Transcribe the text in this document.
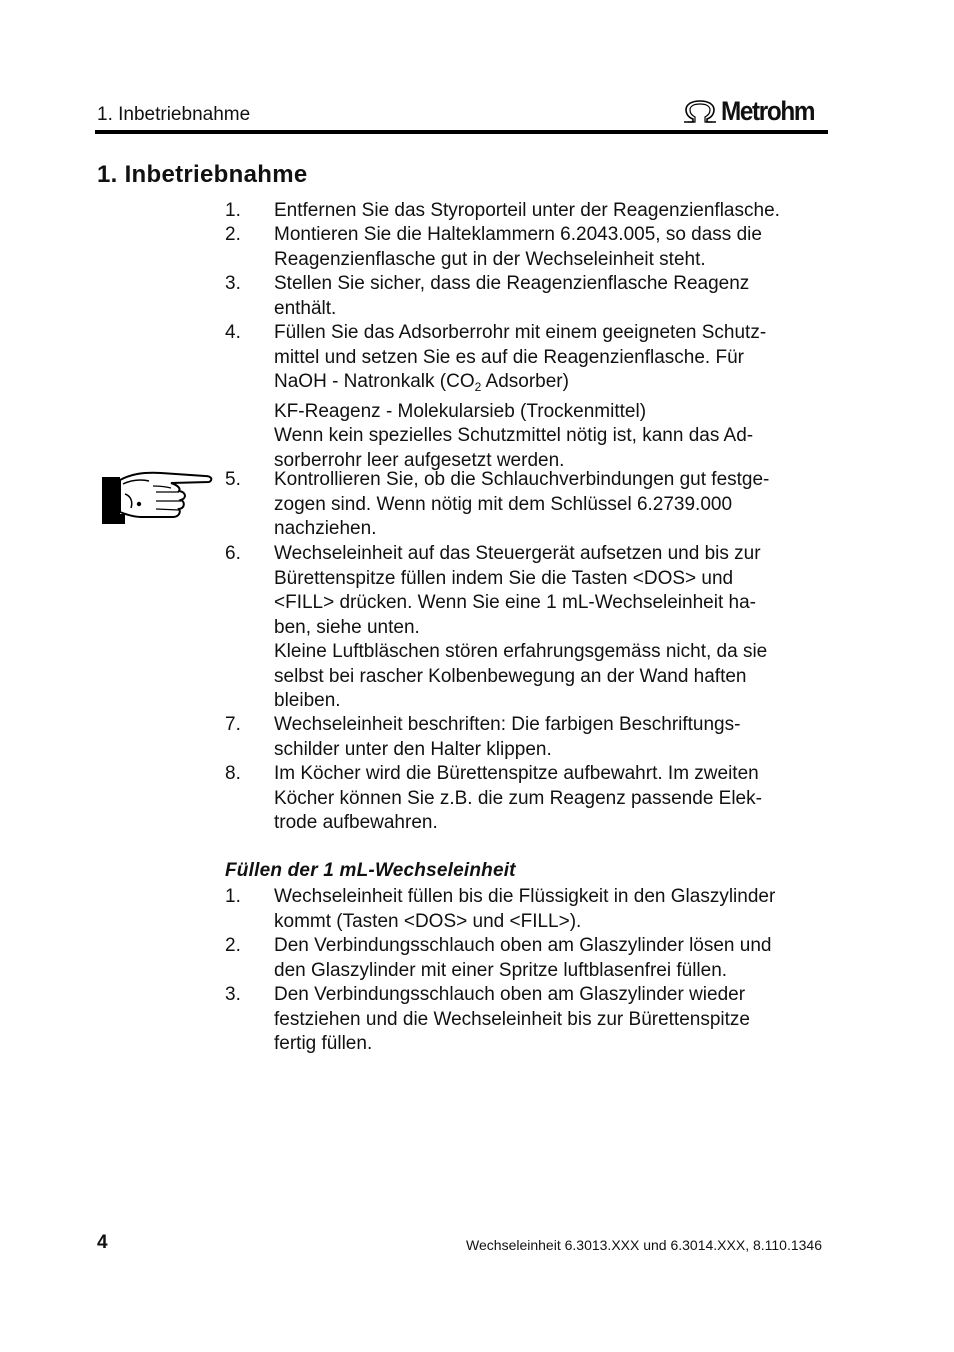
1. Inbetriebnahme	Metrohm
1. Inbetriebnahme
1.	Entfernen Sie das Styroporteil unter der Reagenzienflasche.
2.	Montieren Sie die Halteklammern 6.2043.005, so dass die
Reagenzienflasche gut in der Wechseleinheit steht.
3.	Stellen Sie sicher, dass die Reagenzienflasche Reagenz
enthält.
4.	Füllen Sie das Adsorberrohr mit einem geeigneten Schutz-
mittel und setzen Sie es auf die Reagenzienflasche. Für
NaOH - Natronkalk ($CO_2$ Adsorber)
KF-Reagenz - Molekularsieb (Trockenmittel)
Wenn kein spezielles Schutzmittel nötig ist, kann das Ad-
sorberrohr leer aufgesetzt werden.
5.	Kontrollieren Sie, ob die Schlauchverbindungen gut festge-
zogen sind. Wenn nötig mit dem Schlüssel 6.2739.000
nachziehen.
6.	Wechseleinheit auf das Steuergerät aufsetzen und bis zur
Bürettenspitze füllen indem Sie die Tasten <DOS> und
<FILL> drücken. Wenn Sie eine 1 mL-Wechseleinheit ha-
ben, siehe unten.
Kleine Luftbläschen stören erfahrungsgemäss nicht, da sie
selbst bei rascher Kolbenbewegung an der Wand haften
bleiben.
7.	Wechseleinheit beschriften: Die farbigen Beschriftungs-
schilder unter den Halter klippen.
8.	Im Köcher wird die Bürettenspitze aufbewahrt. Im zweiten
Köcher können Sie z.B. die zum Reagenz passende Elek-
trode aufbewahren.
Füllen der 1 mL-Wechseleinheit
1.	Wechseleinheit füllen bis die Flüssigkeit in den Glaszylinder
kommt (Tasten <DOS> und <FILL>).
2.	Den Verbindungsschlauch oben am Glaszylinder lösen und
den Glaszylinder mit einer Spritze luftblasenfrei füllen.
3.	Den Verbindungsschlauch oben am Glaszylinder wieder
festziehen und die Wechseleinheit bis zur Bürettenspitze
fertig füllen.
4	Wechseleinheit 6.3013.XXX und 6.3014.XXX, 8.110.1346
